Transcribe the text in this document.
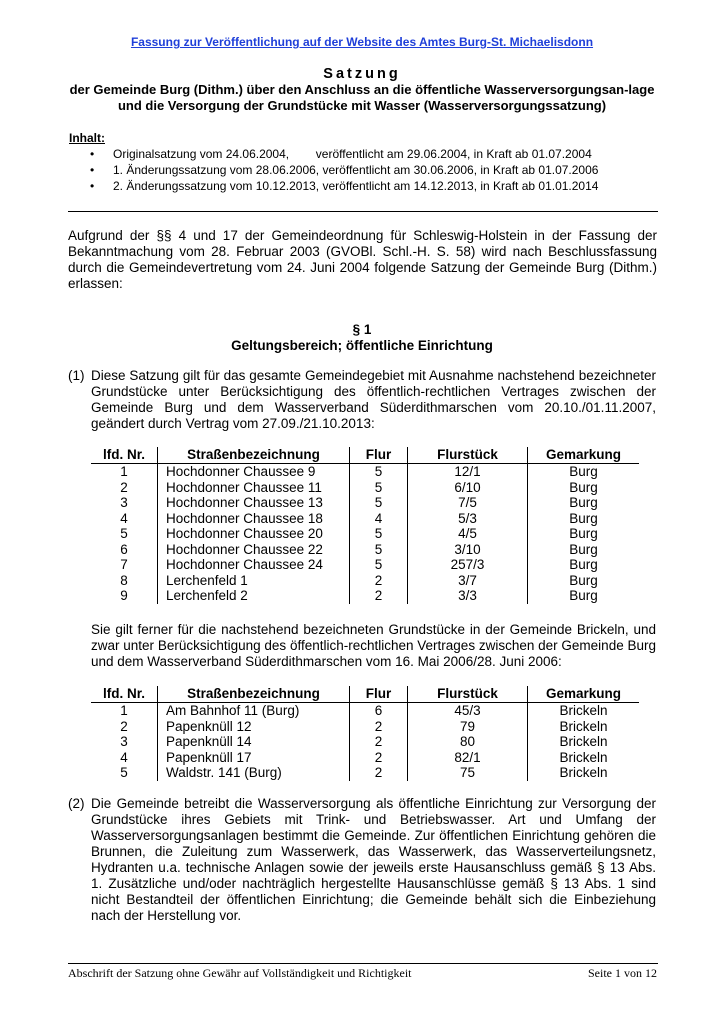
Fassung zur Veröffentlichung auf der Website des Amtes Burg-St. Michaelisdonn
Satzung
der Gemeinde Burg (Dithm.) über den Anschluss an die öffentliche Wasserversorgungsan-lage und die Versorgung der Grundstücke mit Wasser (Wasserversorgungssatzung)
Inhalt:
• Originalsatzung vom 24.06.2004,        veröffentlicht am 29.06.2004, in Kraft ab 01.07.2004
• 1. Änderungssatzung vom 28.06.2006, veröffentlicht am 30.06.2006, in Kraft ab 01.07.2006
• 2. Änderungssatzung vom 10.12.2013, veröffentlicht am 14.12.2013, in Kraft ab 01.01.2014
Aufgrund der §§ 4 und 17 der Gemeindeordnung für Schleswig-Holstein in der Fassung der Bekanntmachung vom 28. Februar 2003 (GVOBl. Schl.-H. S. 58) wird nach Beschlussfassung durch die Gemeindevertretung vom 24. Juni 2004 folgende Satzung der Gemeinde Burg (Dithm.) erlassen:
§ 1
Geltungsbereich; öffentliche Einrichtung
(1) Diese Satzung gilt für das gesamte Gemeindegebiet mit Ausnahme nachstehend bezeichneter Grundstücke unter Berücksichtigung des öffentlich-rechtlichen Vertrages zwischen der Gemeinde Burg und dem Wasserverband Süderdithmarschen vom 20.10./01.11.2007, geändert durch Vertrag vom 27.09./21.10.2013:
lfd. Nr.	Straßenbezeichnung	Flur	Flurstück	Gemarkung
1	Hochdonner Chaussee 9	5	12/1	Burg
2	Hochdonner Chaussee 11	5	6/10	Burg
3	Hochdonner Chaussee 13	5	7/5	Burg
4	Hochdonner Chaussee 18	4	5/3	Burg
5	Hochdonner Chaussee 20	5	4/5	Burg
6	Hochdonner Chaussee 22	5	3/10	Burg
7	Hochdonner Chaussee 24	5	257/3	Burg
8	Lerchenfeld 1	2	3/7	Burg
9	Lerchenfeld 2	2	3/3	Burg
Sie gilt ferner für die nachstehend bezeichneten Grundstücke in der Gemeinde Brickeln, und zwar unter Berücksichtigung des öffentlich-rechtlichen Vertrages zwischen der Gemeinde Burg und dem Wasserverband Süderdithmarschen vom 16. Mai 2006/28. Juni 2006:
lfd. Nr.	Straßenbezeichnung	Flur	Flurstück	Gemarkung
1	Am Bahnhof 11 (Burg)	6	45/3	Brickeln
2	Papenknüll 12	2	79	Brickeln
3	Papenknüll 14	2	80	Brickeln
4	Papenknüll 17	2	82/1	Brickeln
5	Waldstr. 141 (Burg)	2	75	Brickeln
(2) Die Gemeinde betreibt die Wasserversorgung als öffentliche Einrichtung zur Versorgung der Grundstücke ihres Gebiets mit Trink- und Betriebswasser. Art und Umfang der Wasserversorgungsanlagen bestimmt die Gemeinde. Zur öffentlichen Einrichtung gehören die Brunnen, die Zuleitung zum Wasserwerk, das Wasserwerk, das Wasserverteilungsnetz, Hydranten u.a. technische Anlagen sowie der jeweils erste Hausanschluss gemäß § 13 Abs. 1. Zusätzliche und/oder nachträglich hergestellte Hausanschlüsse gemäß § 13 Abs. 1 sind nicht Bestandteil der öffentlichen Einrichtung; die Gemeinde behält sich die Einbeziehung nach der Herstellung vor.
Abschrift der Satzung ohne Gewähr auf Vollständigkeit und Richtigkeit	Seite 1 von 12
